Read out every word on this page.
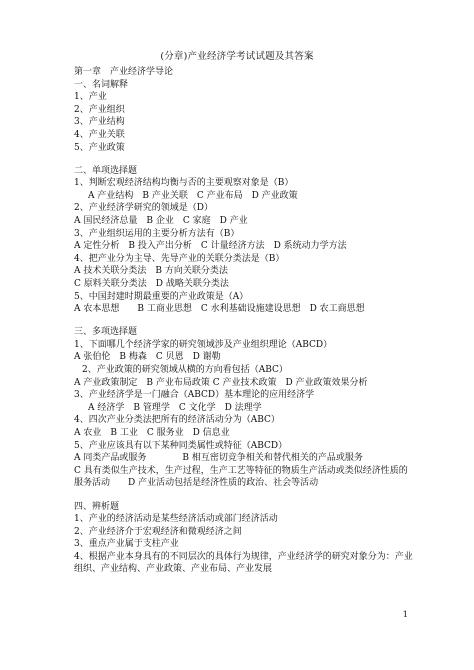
(分章)产业经济学考试试题及其答案
第一章　产业经济学导论
一、名词解释
1、产业
2、产业组织
3、产业结构
4、产业关联
5、产业政策
二、单项选择题
1、判断宏观经济结构均衡与否的主要观察对象是（B）
A 产业结构　B 产业关联　C 产业布局　D 产业政策
2、产业经济学研究的领域是（D）
A 国民经济总量　B 企业　C 家庭　D 产业
3、产业组织运用的主要分析方法有（B）
A 定性分析　B 投入产出分析　C 计量经济方法　D 系统动力学方法
4、把产业分为主导、先导产业的关联分类法是（B）
A 技术关联分类法　B 方向关联分类法
C 原料关联分类法　D 战略关联分类法
5、中国封建时期最重要的产业政策是（A）
A 农本思想　　B 工商业思想　C 水利基础设施建设思想　D 农工商思想
三、多项选择题
1、下面哪几个经济学家的研究领域涉及产业组织理论（ABCD）
A 张伯伦　B 梅森　C 贝恩　D 谢勒
2、产业政策的研究领域从横的方向看包括（ABC）
A 产业政策制定　B 产业布局政策 C 产业技术政策　D 产业政策效果分析
3、产业经济学是一门融合（ABCD）基本理论的应用经济学
A 经济学　B 管理学　C 文化学　D 法理学
4、四次产业分类法把所有的经济活动分为（ABC）
A 农业　B 工业　C 服务业　D 信息业
5、产业应该具有以下某种同类属性或特征（ABCD）
A 同类产品或服务　　　　B 相互密切竞争相关和替代相关的产品或服务
C 具有类似生产技术，生产过程，生产工艺等特征的物质生产活动或类似经济性质的服务活动　　D 产业活动包括是经济性质的政治、社会等活动
四、辨析题
1、产业的经济活动是某些经济活动或部门经济活动
2、产业经济介于宏观经济和微观经济之间
3、重点产业属于支柱产业
4、根据产业本身具有的不同层次的具体行为规律，产业经济学的研究对象分为：产业组织、产业结构、产业政策、产业布局、产业发展
1
